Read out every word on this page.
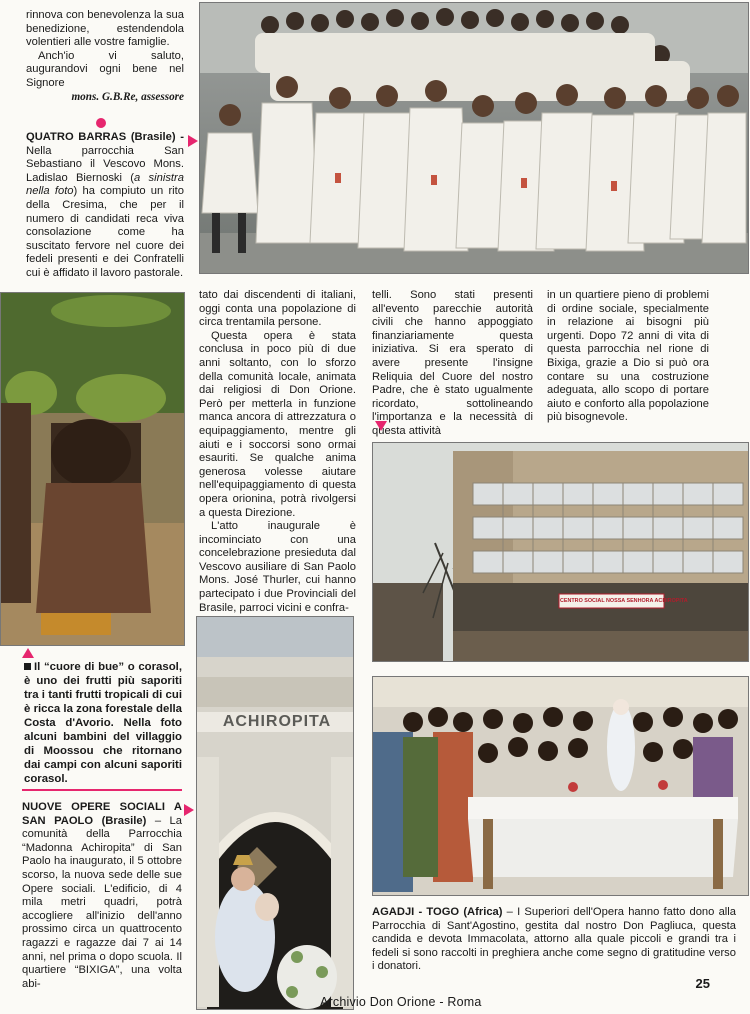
rinnova con benevolenza la sua benedizione, estendendola volentieri alle vostre famiglie.

Anch'io vi saluto, augurandovi ogni bene nel Signore

mons. G.B.Re, assessore

QUATRO BARRAS (Brasile) - Nella parrocchia San Sebastiano il Vescovo Mons. Ladislao Biernoski (a sinistra nella foto) ha compiuto un rito della Cresima, che per il numero di candidati reca viva consolazione come ha suscitato fervore nel cuore dei fedeli presenti e dei Confratelli cui è affidato il lavoro pastorale.

Il “cuore di bue” o corasol, è uno dei frutti più saporiti tra i tanti frutti tropicali di cui è ricca la zona forestale della Costa d'Avorio. Nella foto alcuni bambini del villaggio di Moossou che ritornano dai campi con alcuni saporiti corasol.

NUOVE OPERE SOCIALI A SAN PAOLO (Brasile) – La comunità della Parrocchia “Madonna Achiropita” di San Paolo ha inaugurato, il 5 ottobre scorso, la nuova sede delle sue Opere sociali. L'edificio, di 4 mila metri quadri, potrà accogliere all'inizio dell'anno prossimo circa un quattrocento ragazzi e ragazze dai 7 ai 14 anni, nel prima o dopo scuola. Il quartiere “BIXIGA”, una volta abi-

tato dai discendenti di italiani, oggi conta una popolazione di circa trentamila persone.

Questa opera è stata conclusa in poco più di due anni soltanto, con lo sforzo della comunità locale, animata dai religiosi di Don Orione. Però per metterla in funzione manca ancora di attrezzatura o equipaggiamento, mentre gli aiuti e i soccorsi sono ormai esauriti. Se qualche anima generosa volesse aiutare nell'equipaggiamento di questa opera orionina, potrà rivolgersi a questa Direzione.

L'atto inaugurale è incominciato con una concelebrazione presieduta dal Vescovo ausiliare di San Paolo Mons. José Thurler, cui hanno partecipato i due Provinciali del Brasile, parroci vicini e confra-

telli. Sono stati presenti all'evento parecchie autorità civili che hanno appoggiato finanziariamente questa iniziativa. Si era sperato di avere presente l'insigne Reliquia del Cuore del nostro Padre, che è stato ugualmente ricordato, sottolineando l'importanza e la necessità di questa attività

in un quartiere pieno di problemi di ordine sociale, specialmente in relazione ai bisogni più urgenti. Dopo 72 anni di vita di questa parrocchia nel rione di Bixiga, grazie a Dio si può ora contare su una costruzione adeguata, allo scopo di portare aiuto e conforto alla popolazione più bisognevole.

CENTRO SOCIAL NOSSA SENHORA ACHIROPITA
ACHIROPITA

AGADJI - TOGO (Africa) – I Superiori dell'Opera hanno fatto dono alla Parrocchia di Sant'Agostino, gestita dal nostro Don Pagliuca, questa candida e devota Immacolata, attorno alla quale piccoli e grandi tra i fedeli si sono raccolti in preghiera anche come segno di gratitudine verso i donatori.

25
Archivio Don Orione - Roma
